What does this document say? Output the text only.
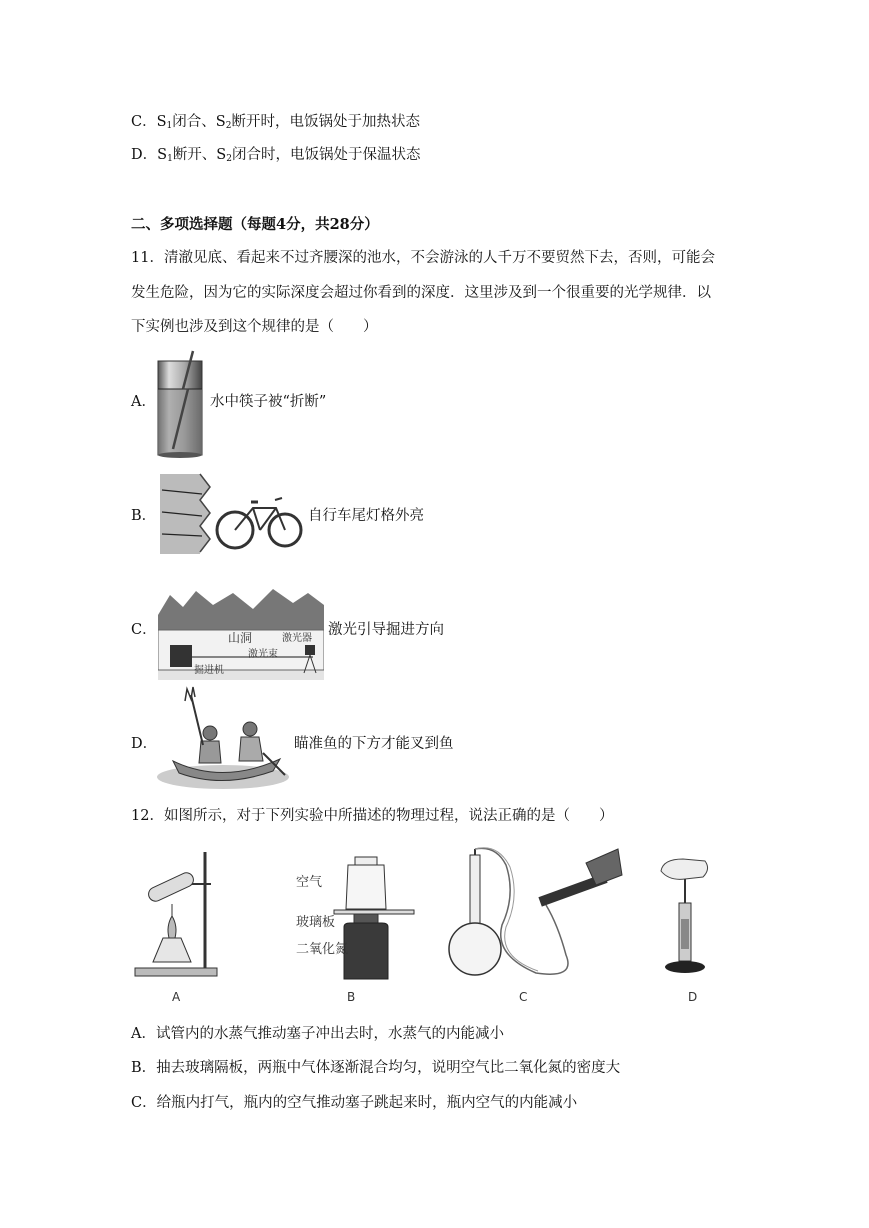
C．$S_1$闭合、$S_2$断开时，电饭锅处于加热状态
D．$S_1$断开、$S_2$闭合时，电饭锅处于保温状态
二、多项选择题（每题4分，共28分）
11．清澈见底、看起来不过齐腰深的池水，不会游泳的人千万不要贸然下去，否则，可能会
发生危险，因为它的实际深度会超过你看到的深度．这里涉及到一个很重要的光学规律．以
下实例也涉及到这个规律的是（　　）
A．	水中筷子被“折断”
B．	自行车尾灯格外亮
C．	山洞	激光器
激光束
掘进机
激光引导掘进方向
D．	瞄准鱼的下方才能叉到鱼
12．如图所示，对于下列实验中所描述的物理过程，说法正确的是（　　）
A
空气
玻璃板
二氧化氮
B	C	D
A．试管内的水蒸气推动塞子冲出去时，水蒸气的内能减小
B．抽去玻璃隔板，两瓶中气体逐渐混合均匀，说明空气比二氧化氮的密度大
C．给瓶内打气，瓶内的空气推动塞子跳起来时，瓶内空气的内能减小
